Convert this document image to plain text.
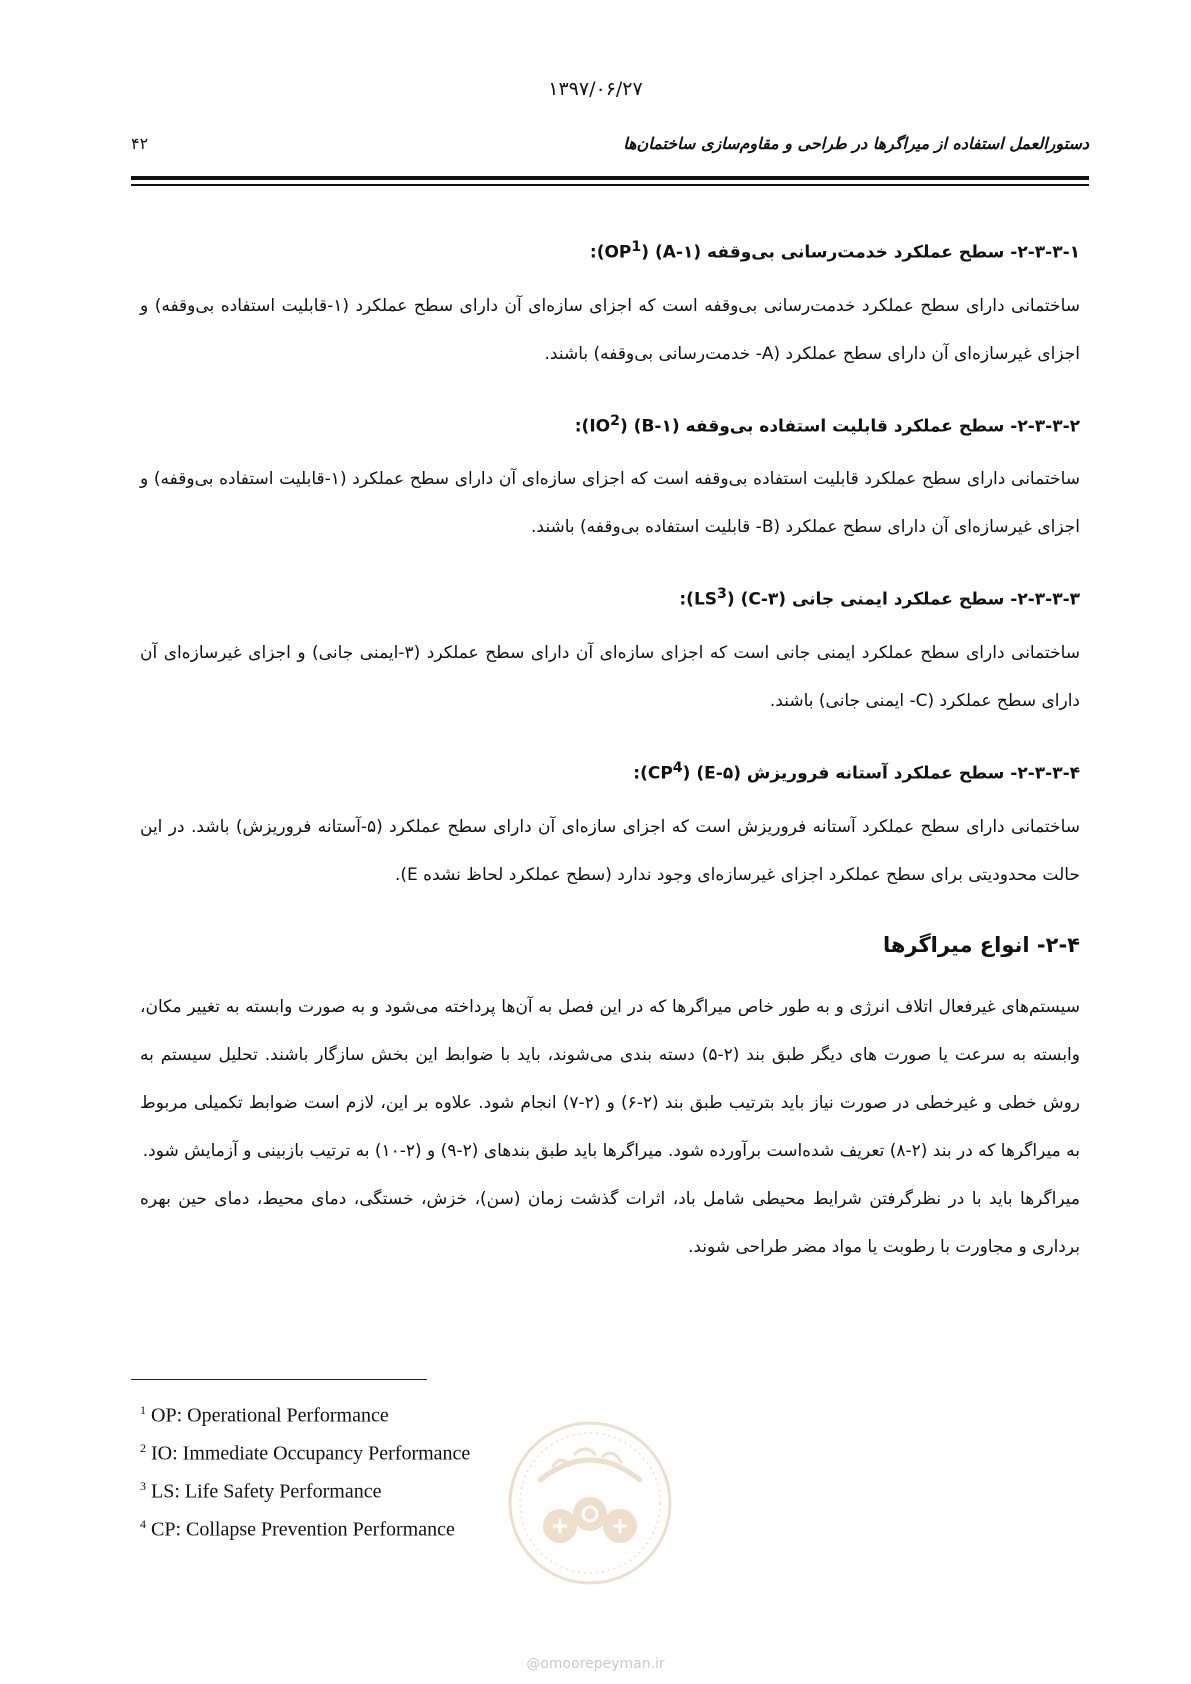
۱۳۹۷/۰۶/۲۷
۴۲	دستورالعمل استفاده از میراگرها در طراحی و مقاوم‌سازی ساختمان‌ها
۲-۳-۳-۱- سطح عملکرد خدمت‌رسانی بی‌وقفه (۱-A) $(OP^1)$:

ساختمانی دارای سطح عملکرد خدمت‌رسانی بی‌وقفه است که اجزای سازه‌ای آن دارای سطح عملکرد (۱-قابلیت استفاده بی‌وقفه) و اجزای غیرسازه‌ای آن دارای سطح عملکرد (A- خدمت‌رسانی بی‌وقفه) باشند.

۲-۳-۳-۲- سطح عملکرد قابلیت استفاده بی‌وقفه (۱-B) $(IO^2)$:

ساختمانی دارای سطح عملکرد قابلیت استفاده بی‌وقفه است که اجزای سازه‌ای آن دارای سطح عملکرد (۱-قابلیت استفاده بی‌وقفه) و اجزای غیرسازه‌ای آن دارای سطح عملکرد (B- قابلیت استفاده بی‌وقفه) باشند.

۲-۳-۳-۳- سطح عملکرد ایمنی جانی (۳-C) $(LS^3)$:

ساختمانی دارای سطح عملکرد ایمنی جانی است که اجزای سازه‌ای آن دارای سطح عملکرد (۳-ایمنی جانی) و اجزای غیرسازه‌ای آن دارای سطح عملکرد (C- ایمنی جانی) باشند.

۲-۳-۳-۴- سطح عملکرد آستانه فروریزش (۵-E) $(CP^4)$:

ساختمانی دارای سطح عملکرد آستانه فروریزش است که اجزای سازه‌ای آن دارای سطح عملکرد (۵-آستانه فروریزش) باشد. در این حالت محدودیتی برای سطح عملکرد اجزای غیرسازه‌ای وجود ندارد (سطح عملکرد لحاظ نشده E).

۲-۴- انواع میراگرها

سیستم‌های غیرفعال اتلاف انرژی و به طور خاص میراگرها که در این فصل به آن‌ها پرداخته می‌شود و به صورت وابسته به تغییر مکان، وابسته به سرعت یا صورت های دیگر طبق بند (۲-۵) دسته بندی می‌شوند، باید با ضوابط این بخش سازگار باشند. تحلیل سیستم به روش خطی و غیرخطی در صورت نیاز باید بترتیب طبق بند (۲-۶) و (۲-۷) انجام شود. علاوه بر این، لازم است ضوابط تکمیلی مربوط به میراگرها که در بند (۲-۸) تعریف شده‌است برآورده شود. میراگرها باید طبق بندهای (۲-۹) و (۲-۱۰) به ترتیب بازبینی و آزمایش شود.

میراگرها باید با در نظرگرفتن شرایط محیطی شامل باد، اثرات گذشت زمان (سن)، خزش، خستگی، دمای محیط، دمای حین بهره برداری و مجاورت با رطوبت یا مواد مضر طراحی شوند.

$^1$ OP: Operational Performance
$^2$ IO: Immediate Occupancy Performance
$^3$ LS: Life Safety Performance
$^4$ CP: Collapse Prevention Performance
@omoorepeyman.ir
